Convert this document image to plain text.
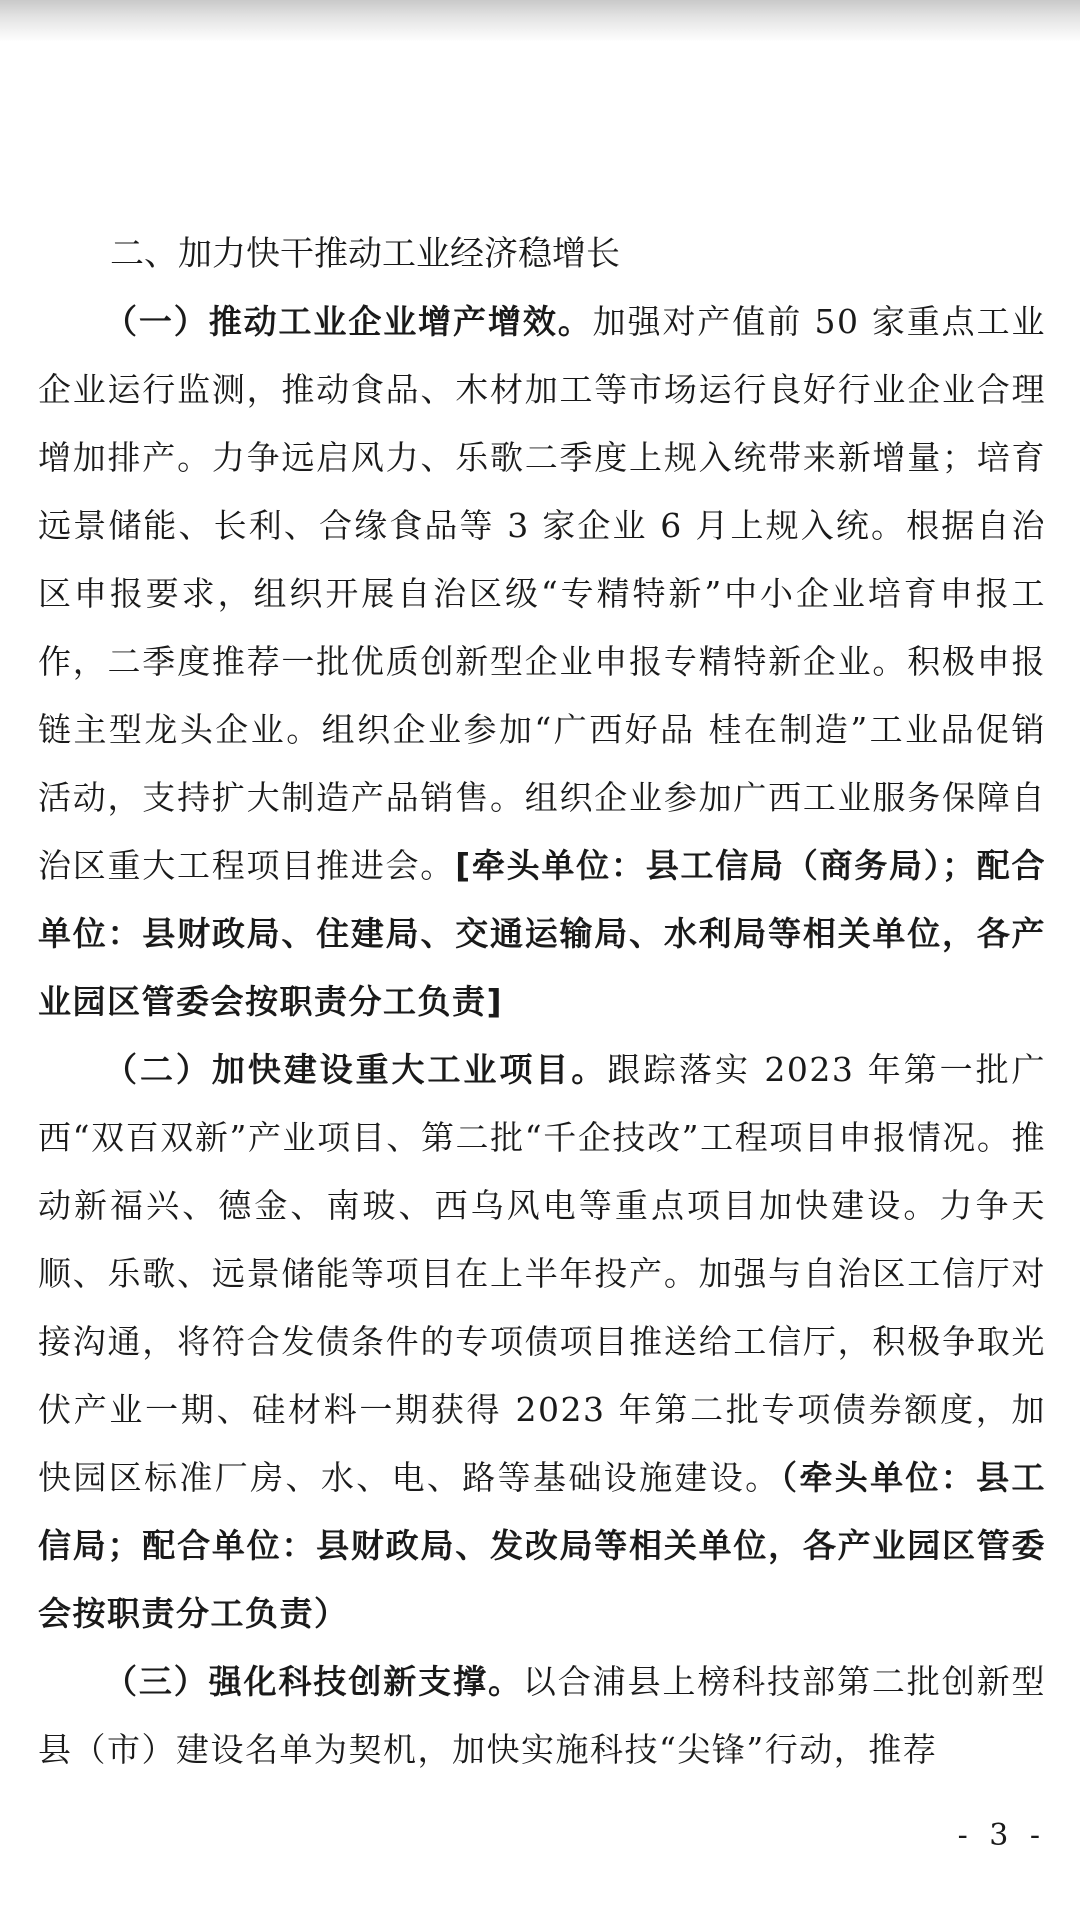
二、加力快干推动工业经济稳增长

（一）推动工业企业增产增效。加强对产值前 50 家重点工业企业运行监测，推动食品、木材加工等市场运行良好行业企业合理增加排产。力争远启风力、乐歌二季度上规入统带来新增量；培育远景储能、长利、合缘食品等 3 家企业 6 月上规入统。根据自治区申报要求，组织开展自治区级“专精特新”中小企业培育申报工作，二季度推荐一批优质创新型企业申报专精特新企业。积极申报链主型龙头企业。组织企业参加“广西好品 桂在制造”工业品促销活动，支持扩大制造产品销售。组织企业参加广西工业服务保障自治区重大工程项目推进会。[牵头单位：县工信局（商务局）；配合单位：县财政局、住建局、交通运输局、水利局等相关单位，各产业园区管委会按职责分工负责]

（二）加快建设重大工业项目。跟踪落实 2023 年第一批广西“双百双新”产业项目、第二批“千企技改”工程项目申报情况。推动新福兴、德金、南玻、西乌风电等重点项目加快建设。力争天顺、乐歌、远景储能等项目在上半年投产。加强与自治区工信厅对接沟通，将符合发债条件的专项债项目推送给工信厅，积极争取光伏产业一期、硅材料一期获得 2023 年第二批专项债券额度，加快园区标准厂房、水、电、路等基础设施建设。（牵头单位：县工信局；配合单位：县财政局、发改局等相关单位，各产业园区管委会按职责分工负责）

（三）强化科技创新支撑。以合浦县上榜科技部第二批创新型县（市）建设名单为契机，加快实施科技“尖锋”行动，推荐

- 3 -
